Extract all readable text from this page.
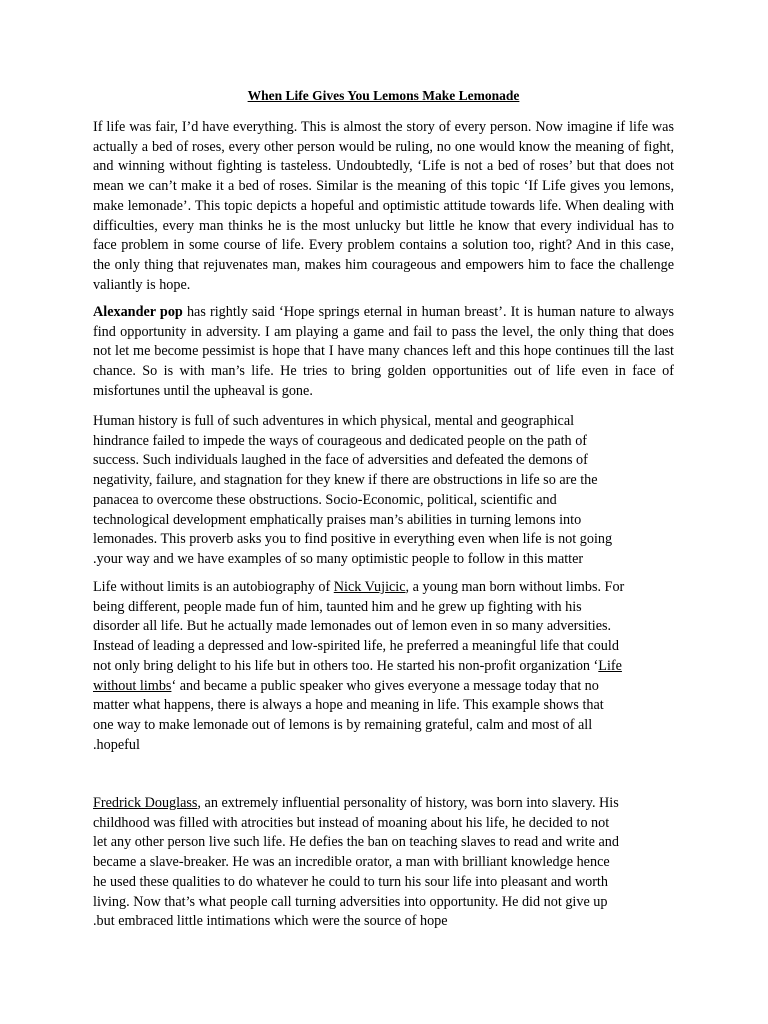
When Life Gives You Lemons Make Lemonade

If life was fair, I’d have everything. This is almost the story of every person. Now imagine if life was actually a bed of roses, every other person would be ruling, no one would know the meaning of fight, and winning without fighting is tasteless. Undoubtedly, ‘Life is not a bed of roses’ but that does not mean we can’t make it a bed of roses. Similar is the meaning of this topic ‘If Life gives you lemons, make lemonade’. This topic depicts a hopeful and optimistic attitude towards life. When dealing with difficulties, every man thinks he is the most unlucky but little he know that every individual has to face problem in some course of life. Every problem contains a solution too, right? And in this case, the only thing that rejuvenates man, makes him courageous and empowers him to face the challenge valiantly is hope.

Alexander pop has rightly said ‘Hope springs eternal in human breast’. It is human nature to always find opportunity in adversity. I am playing a game and fail to pass the level, the only thing that does not let me become pessimist is hope that I have many chances left and this hope continues till the last chance. So is with man’s life. He tries to bring golden opportunities out of life even in face of misfortunes until the upheaval is gone.

Human history is full of such adventures in which physical, mental and geographical
hindrance failed to impede the ways of courageous and dedicated people on the path of
success. Such individuals laughed in the face of adversities and defeated the demons of
negativity, failure, and stagnation for they knew if there are obstructions in life so are the
panacea to overcome these obstructions. Socio-Economic, political, scientific and
technological development emphatically praises man’s abilities in turning lemons into
lemonades. This proverb asks you to find positive in everything even when life is not going
.your way and we have examples of so many optimistic people to follow in this matter

Life without limits is an autobiography of Nick Vujicic, a young man born without limbs. For
being different, people made fun of him, taunted him and he grew up fighting with his
disorder all life. But he actually made lemonades out of lemon even in so many adversities.
Instead of leading a depressed and low-spirited life, he preferred a meaningful life that could
not only bring delight to his life but in others too. He started his non-profit organization ‘Life
without limbs‘ and became a public speaker who gives everyone a message today that no
matter what happens, there is always a hope and meaning in life. This example shows that
one way to make lemonade out of lemons is by remaining grateful, calm and most of all
.hopeful

Fredrick Douglass, an extremely influential personality of history, was born into slavery. His
childhood was filled with atrocities but instead of moaning about his life, he decided to not
let any other person live such life. He defies the ban on teaching slaves to read and write and
became a slave-breaker. He was an incredible orator, a man with brilliant knowledge hence
he used these qualities to do whatever he could to turn his sour life into pleasant and worth
living. Now that’s what people call turning adversities into opportunity. He did not give up
.but embraced little intimations which were the source of hope
